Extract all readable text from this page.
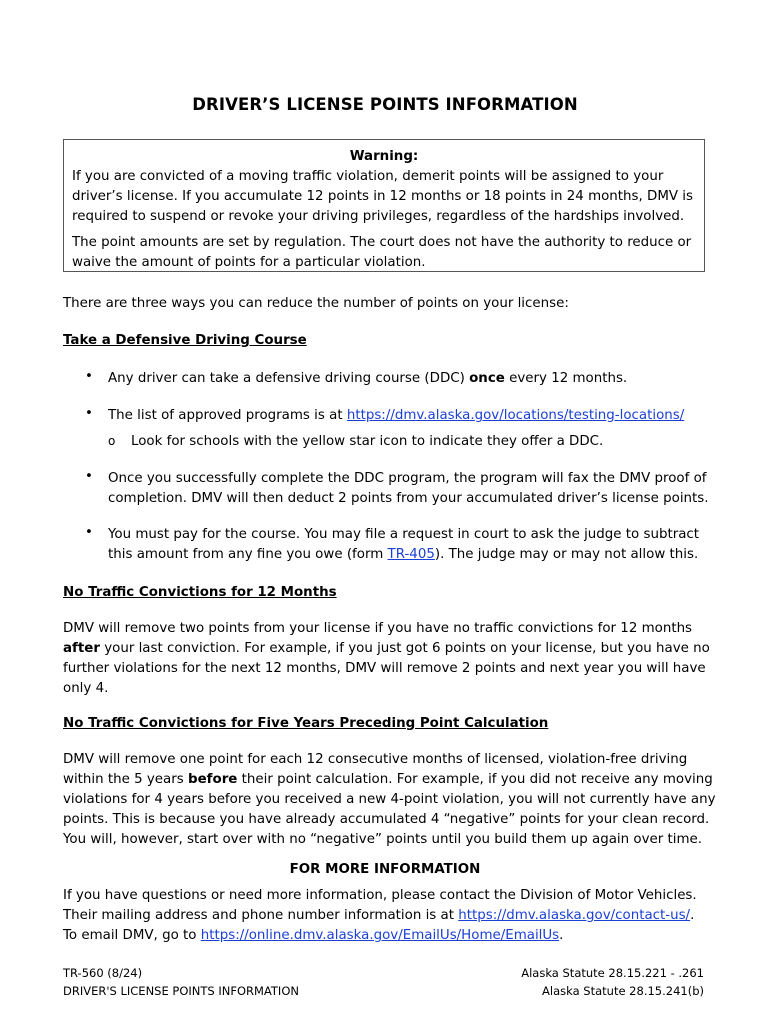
DRIVER’S LICENSE POINTS INFORMATION
Warning:
If you are convicted of a moving traffic violation, demerit points will be assigned to your driver’s license. If you accumulate 12 points in 12 months or 18 points in 24 months, DMV is required to suspend or revoke your driving privileges, regardless of the hardships involved.
The point amounts are set by regulation. The court does not have the authority to reduce or waive the amount of points for a particular violation.
There are three ways you can reduce the number of points on your license:
Take a Defensive Driving Course
• Any driver can take a defensive driving course (DDC) once every 12 months.
• The list of approved programs is at https://dmv.alaska.gov/locations/testing-locations/
o Look for schools with the yellow star icon to indicate they offer a DDC.
• Once you successfully complete the DDC program, the program will fax the DMV proof of completion. DMV will then deduct 2 points from your accumulated driver’s license points.
• You must pay for the course. You may file a request in court to ask the judge to subtract this amount from any fine you owe (form TR-405). The judge may or may not allow this.
No Traffic Convictions for 12 Months
DMV will remove two points from your license if you have no traffic convictions for 12 months after your last conviction. For example, if you just got 6 points on your license, but you have no further violations for the next 12 months, DMV will remove 2 points and next year you will have only 4.
No Traffic Convictions for Five Years Preceding Point Calculation
DMV will remove one point for each 12 consecutive months of licensed, violation-free driving within the 5 years before their point calculation. For example, if you did not receive any moving violations for 4 years before you received a new 4-point violation, you will not currently have any points. This is because you have already accumulated 4 “negative” points for your clean record. You will, however, start over with no “negative” points until you build them up again over time.
FOR MORE INFORMATION
If you have questions or need more information, please contact the Division of Motor Vehicles.
Their mailing address and phone number information is at https://dmv.alaska.gov/contact-us/.
To email DMV, go to https://online.dmv.alaska.gov/EmailUs/Home/EmailUs.
TR-560 (8/24)
DRIVER'S LICENSE POINTS INFORMATION
Alaska Statute 28.15.221 - .261
Alaska Statute 28.15.241(b)
